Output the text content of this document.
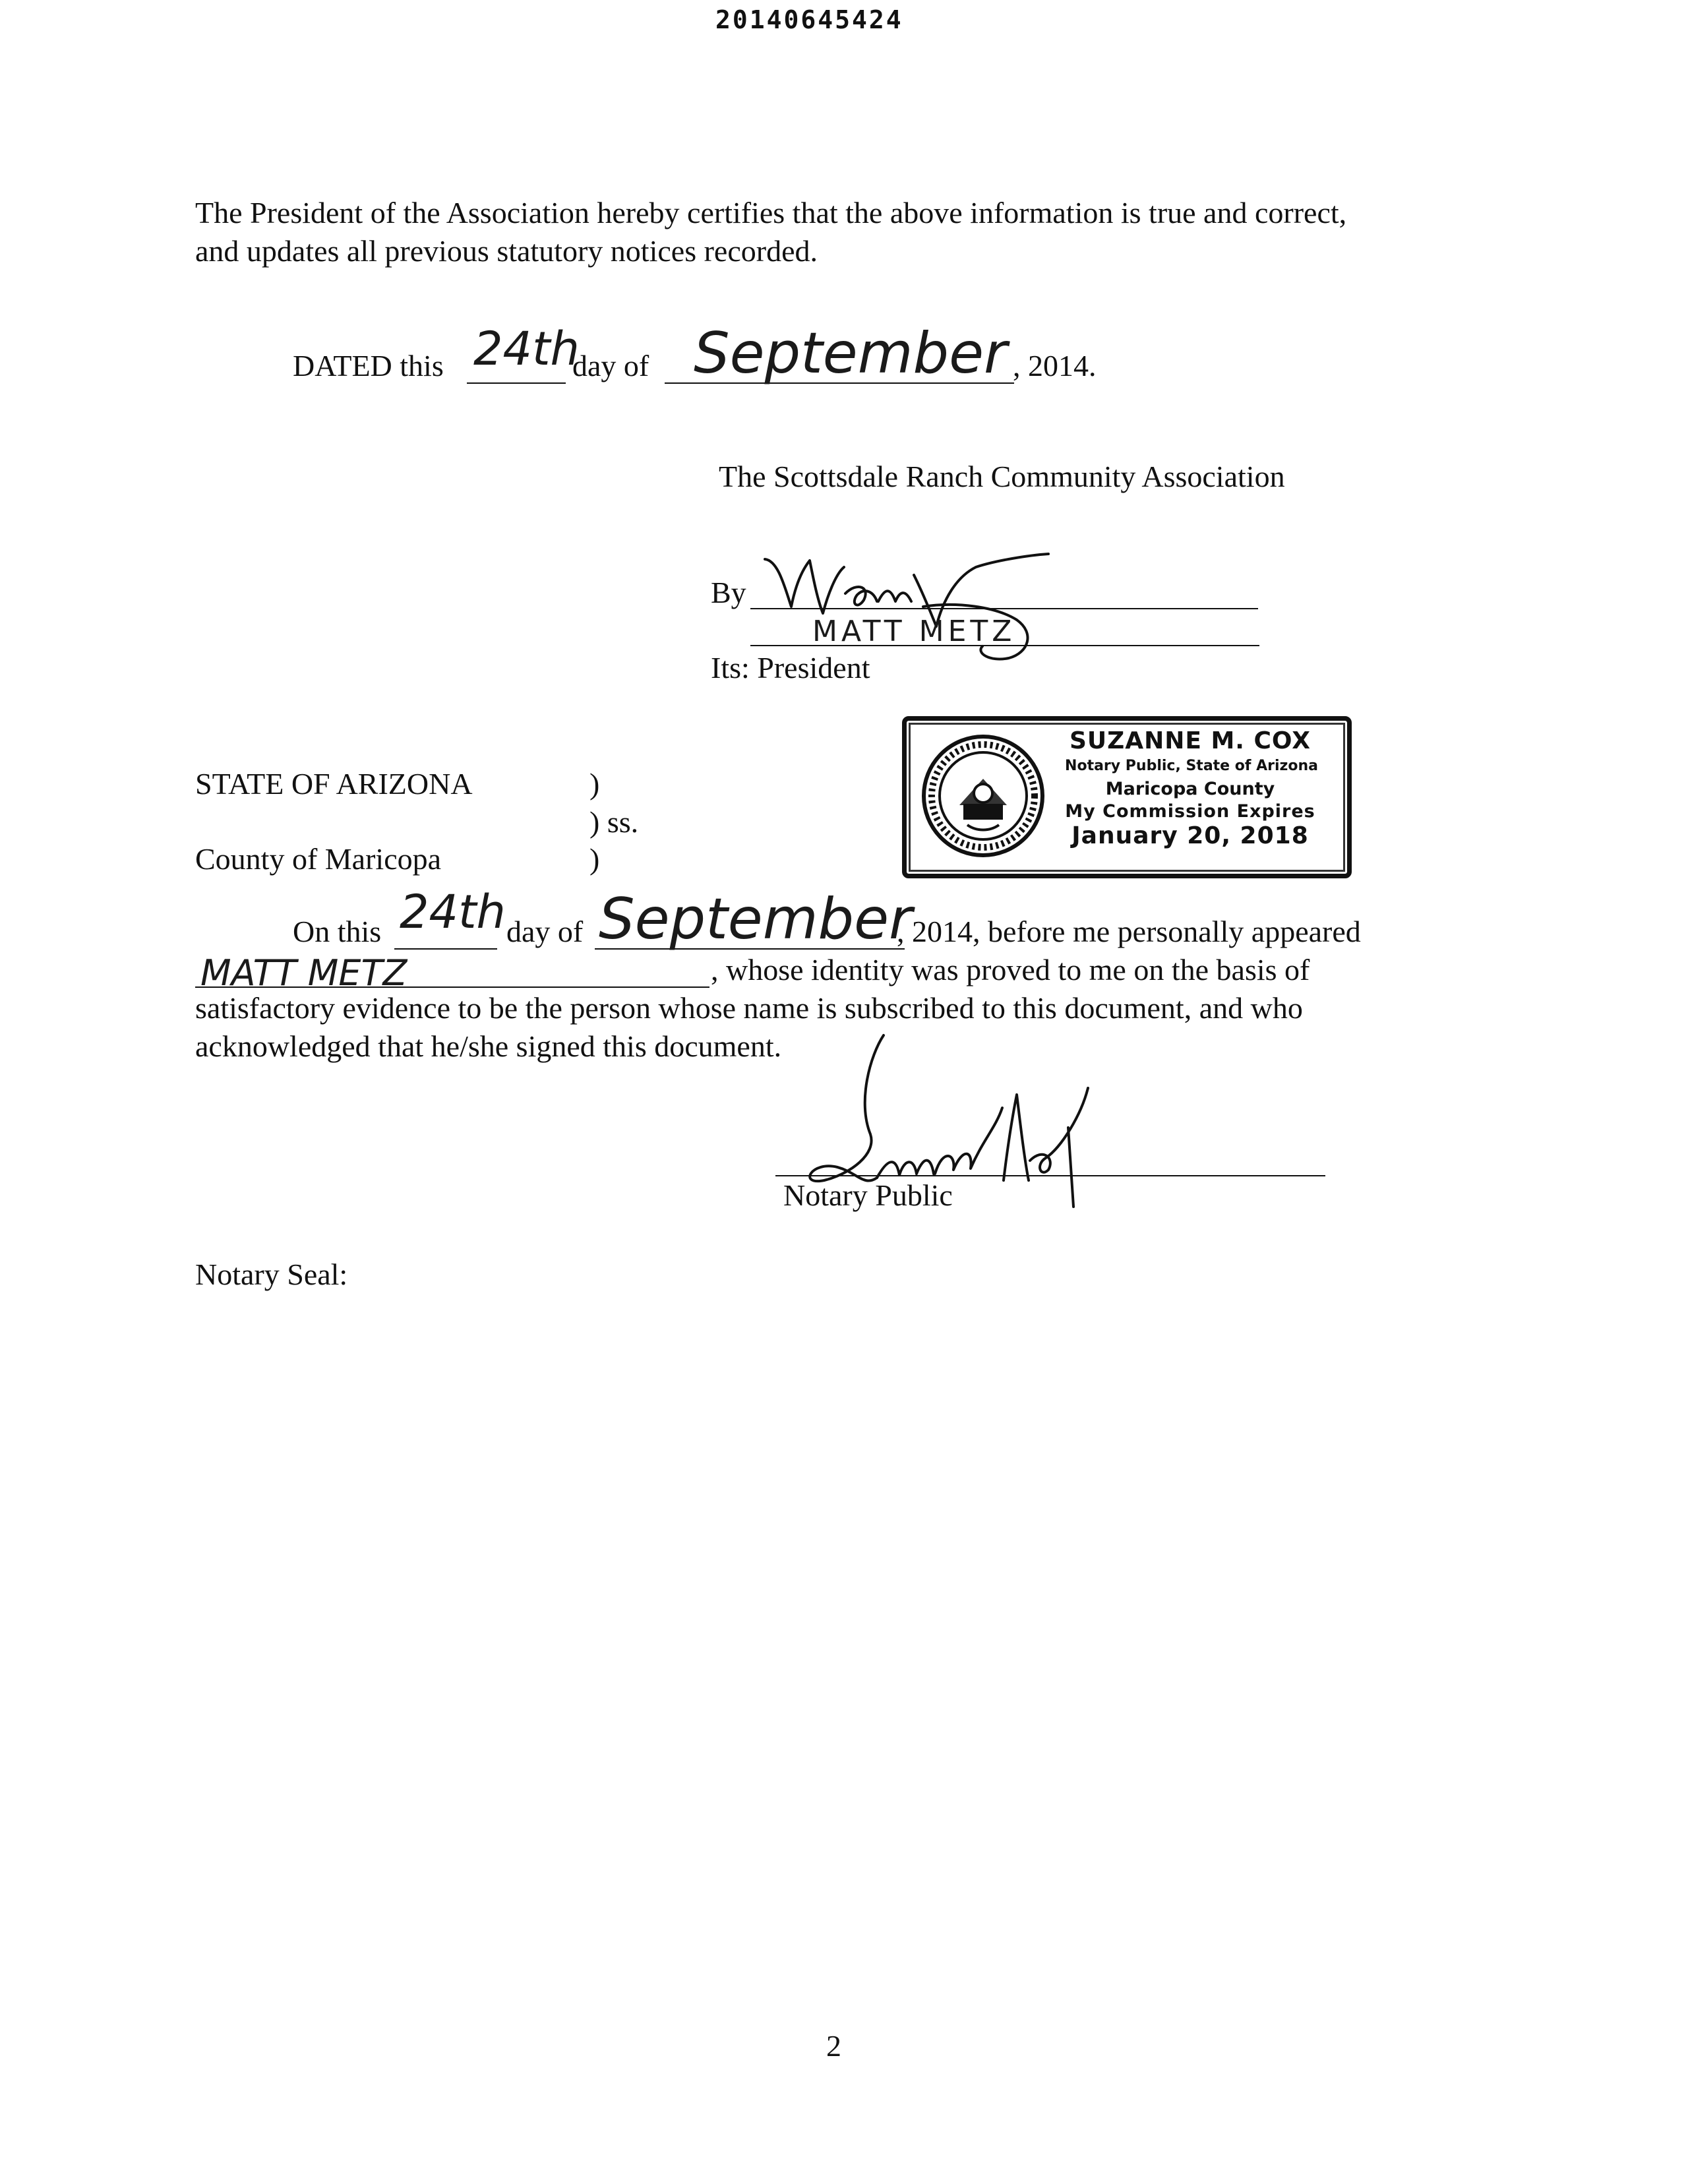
20140645424
The President of the Association hereby certifies that the above information is true and correct,
and updates all previous statutory notices recorded.
DATED this 24th
day of September , 2014.
The Scottsdale Ranch Community Association
By
MATT METZ
Its: President
SUZANNE M. COX
Notary Public, State of Arizona
Maricopa County
My Commission Expires
January 20, 2018
STATE OF ARIZONA	)
) ss.
County of Maricopa	)
On this 24th day of September
, 2014, before me personally appeared
MATT METZ	, whose identity was proved to me on the basis of
satisfactory evidence to be the person whose name is subscribed to this document, and who
acknowledged that he/she signed this document.
Notary Public
Notary Seal:
2
